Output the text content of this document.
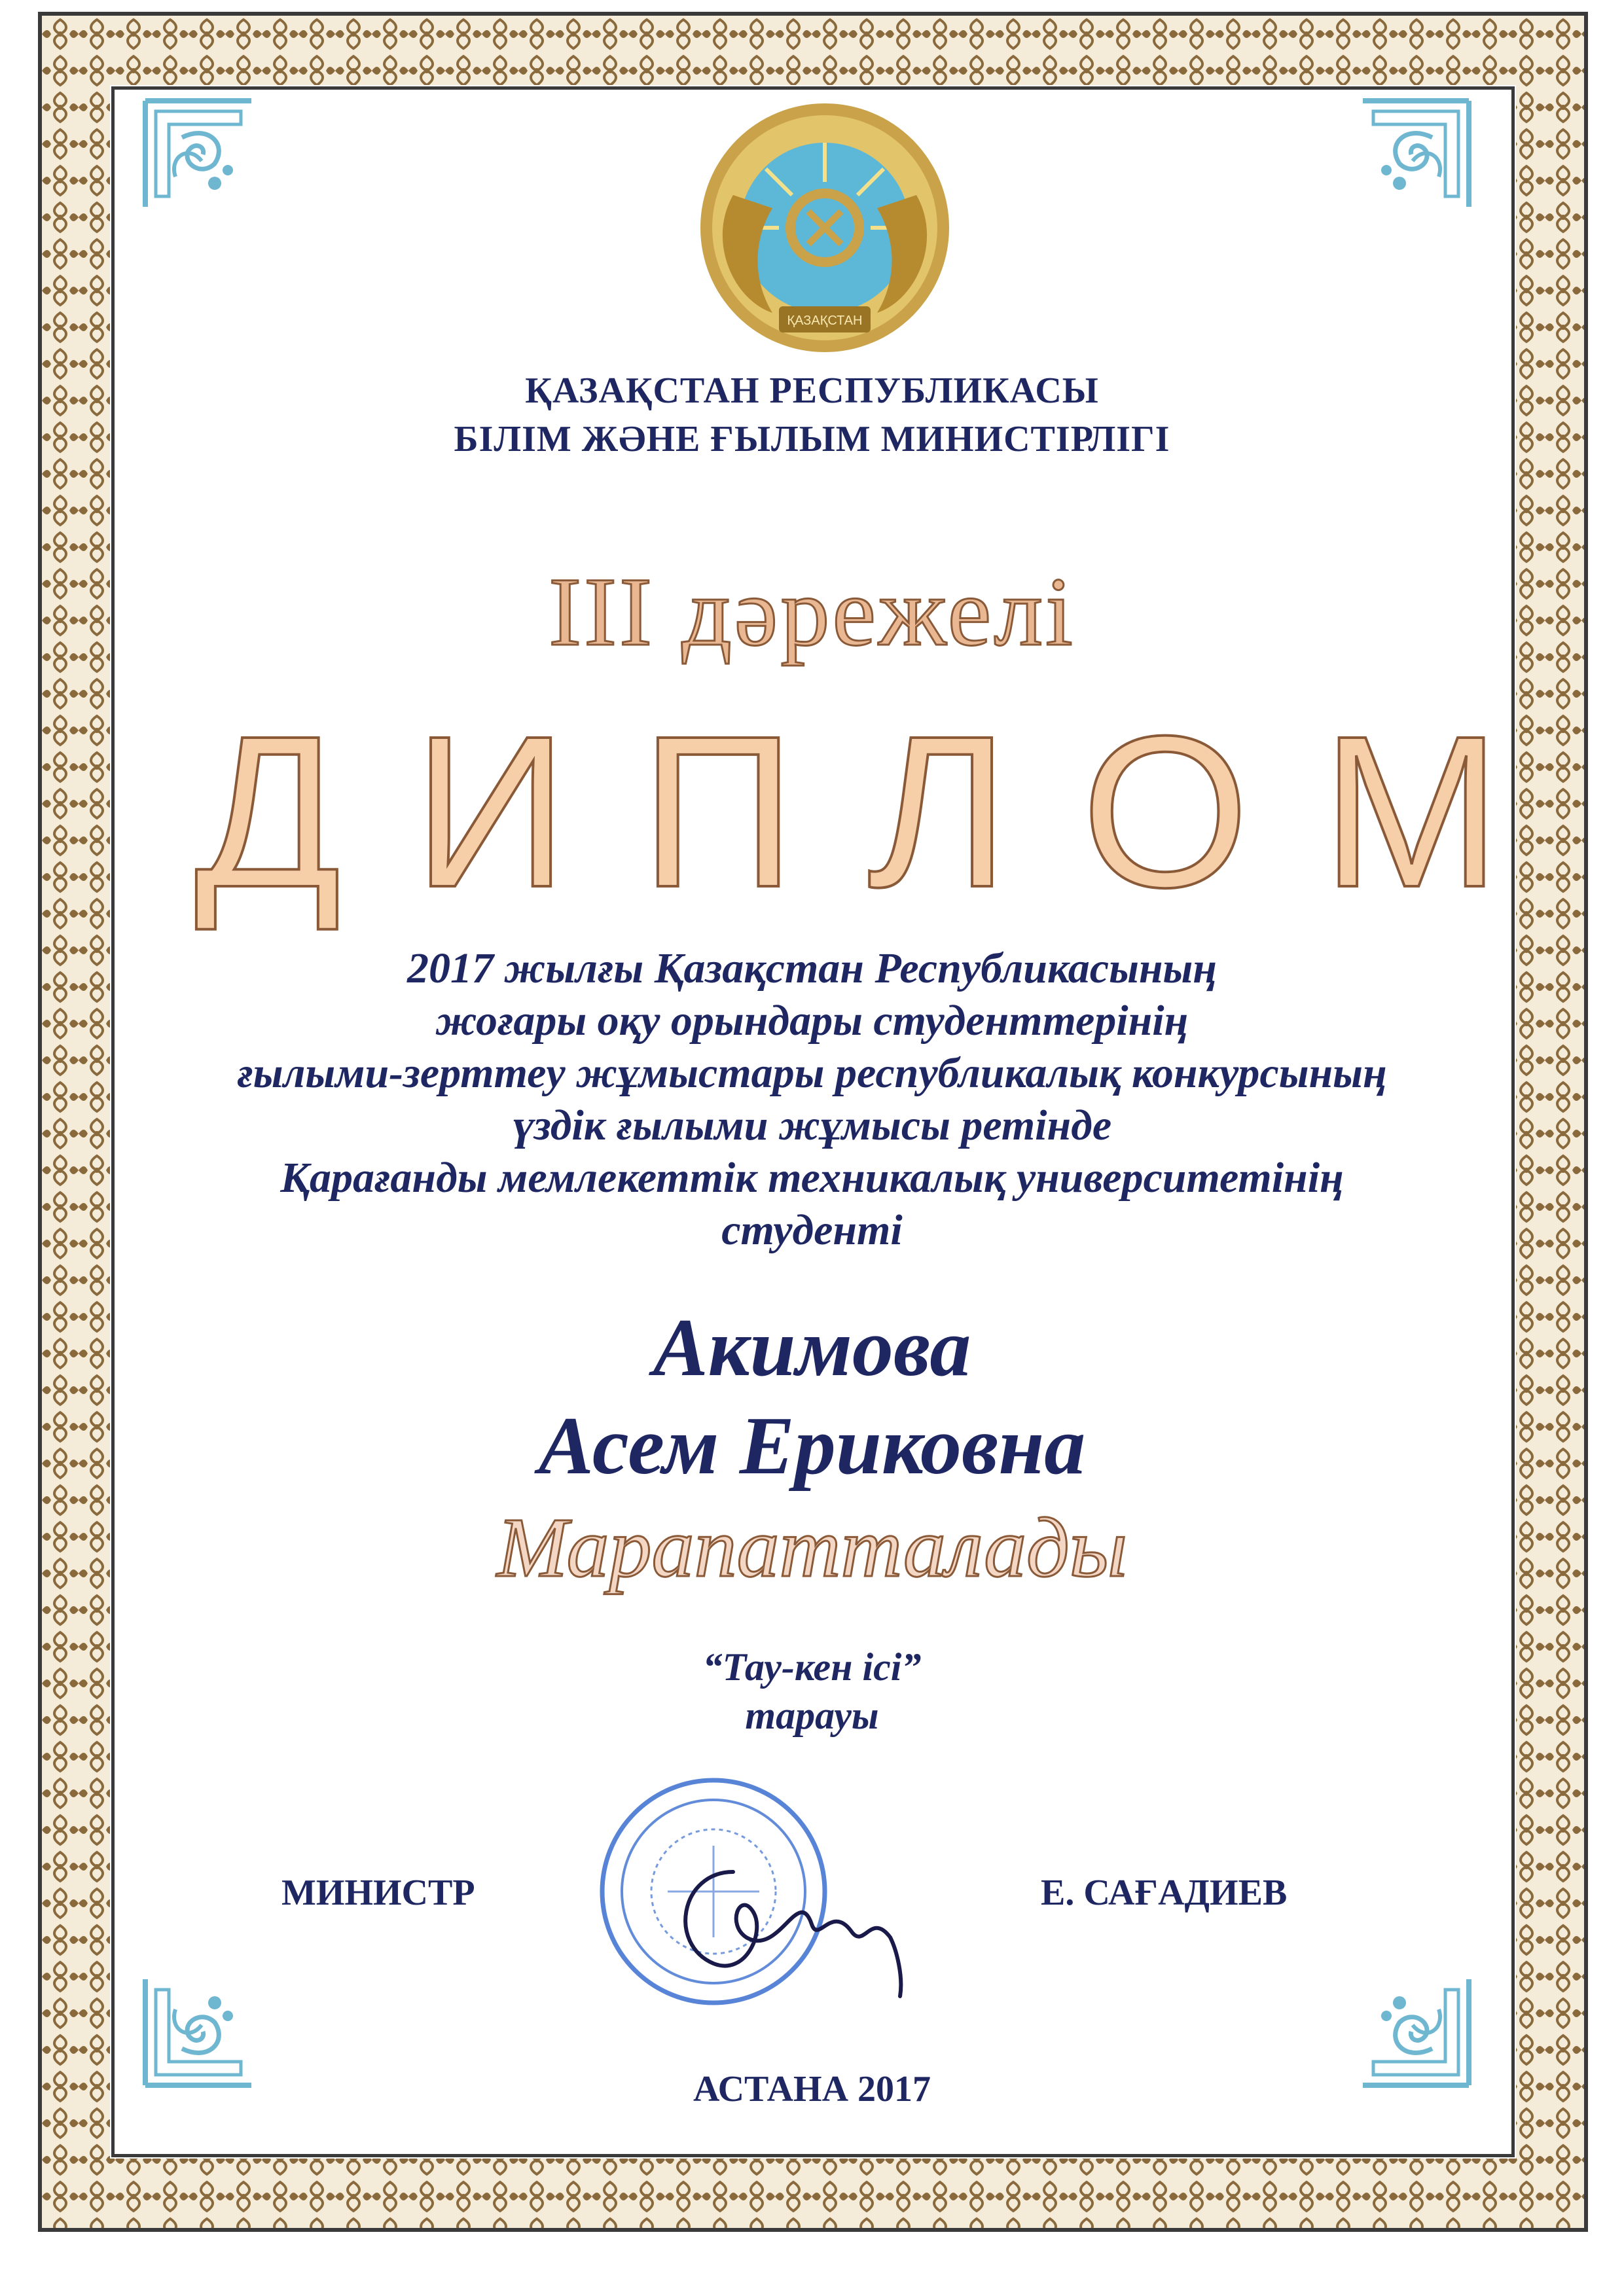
ҚАЗАҚСТАН
ҚАЗАҚСТАН РЕСПУБЛИКАСЫ
БІЛІМ ЖӘНЕ ҒЫЛЫМ МИНИСТІРЛІГІ
III дәрежелі
ДИПЛОМ
2017 жылғы Қазақстан Республикасының
жоғары оқу орындары студенттерінің
ғылыми-зерттеу жұмыстары республикалық конкурсының
үздік ғылыми жұмысы ретінде
Қарағанды мемлекеттік техникалық университетінің
студенті
Акимова
Асем Ериковна
Марапатталады
“Тау-кен ісі”
тарауы
МИНИСТР	Е. САҒАДИЕВ
АСТАНА 2017
